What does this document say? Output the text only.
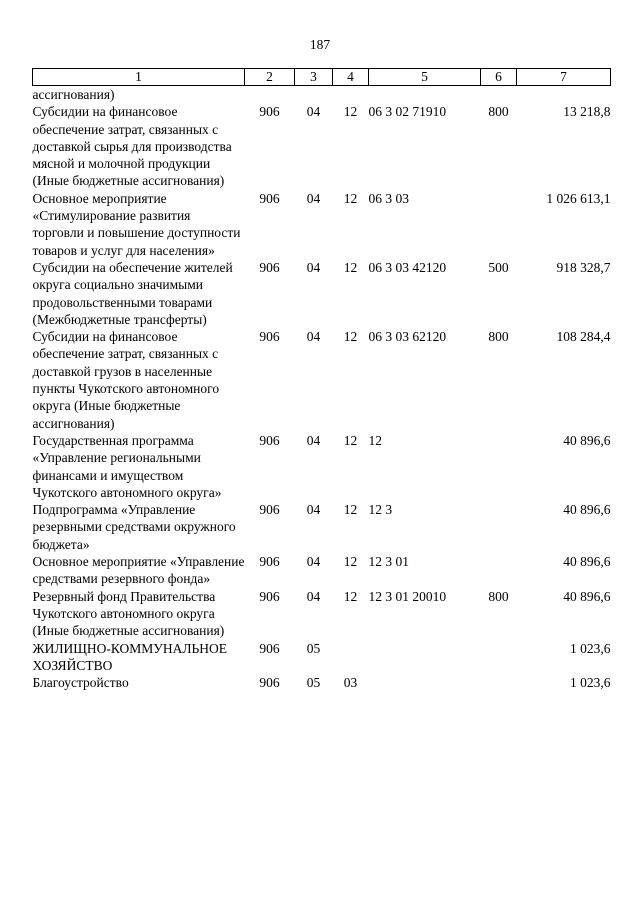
187
1	2	3	4	5	6	7
ассигнования)						
Субсидии на финансовое обеспечение затрат, связанных с доставкой сырья для производства мясной и молочной продукции (Иные бюджетные ассигнования)	906	04	12	06 3 02 71910	800	13 218,8
Основное мероприятие «Стимулирование развития торговли и повышение доступности товаров и услуг для населения»	906	04	12	06 3 03		1 026 613,1
Субсидии на обеспечение жителей округа социально значимыми продовольственными товарами (Межбюджетные трансферты)	906	04	12	06 3 03 42120	500	918 328,7
Субсидии на финансовое обеспечение затрат, связанных с доставкой грузов в населенные пункты Чукотского автономного округа (Иные бюджетные ассигнования)	906	04	12	06 3 03 62120	800	108 284,4
Государственная программа «Управление региональными финансами и имуществом Чукотского автономного округа»	906	04	12	12		40 896,6
Подпрограмма «Управление резервными средствами окружного бюджета»	906	04	12	12 3		40 896,6
Основное мероприятие «Управление средствами резервного фонда»	906	04	12	12 3 01		40 896,6
Резервный фонд Правительства Чукотского автономного округа (Иные бюджетные ассигнования)	906	04	12	12 3 01 20010	800	40 896,6
ЖИЛИЩНО-КОММУНАЛЬНОЕ ХОЗЯЙСТВО	906	05				1 023,6
Благоустройство	906	05	03			1 023,6
